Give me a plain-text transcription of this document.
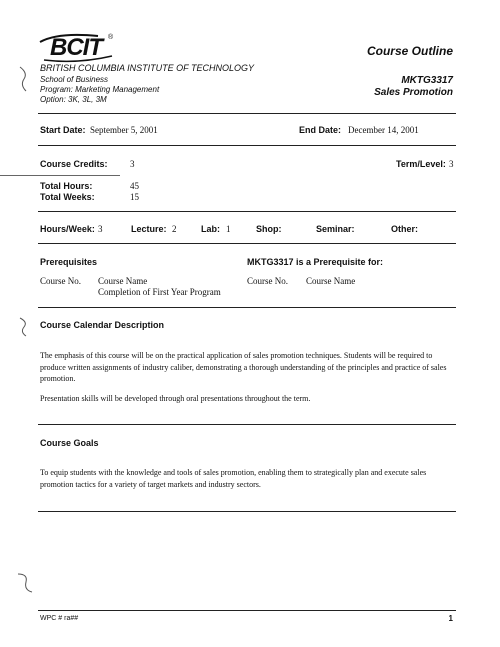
BCIT ®
BRITISH COLUMBIA INSTITUTE OF TECHNOLOGY
School of Business
Program: Marketing Management
Option: 3K, 3L, 3M
Course Outline
MKTG3317
Sales Promotion
Start Date: September 5, 2001	End Date: December 14, 2001
Course Credits: 3	Term/Level: 3
Total Hours:	45
Total Weeks:	15
Hours/Week: 3	Lecture: 2	Lab: 1	Shop:	Seminar:	Other:
Prerequisites	MKTG3317 is a Prerequisite for:
Course No. Course Name
Completion of First Year Program
Course No. Course Name
Course Calendar Description
The emphasis of this course will be on the practical application of sales promotion techniques. Students will be required to produce written assignments of industry caliber, demonstrating a thorough understanding of the principles and practice of sales promotion.
Presentation skills will be developed through oral presentations throughout the term.
Course Goals
To equip students with the knowledge and tools of sales promotion, enabling them to strategically plan and execute sales promotion tactics for a variety of target markets and industry sectors.
WPC # ra##	1
